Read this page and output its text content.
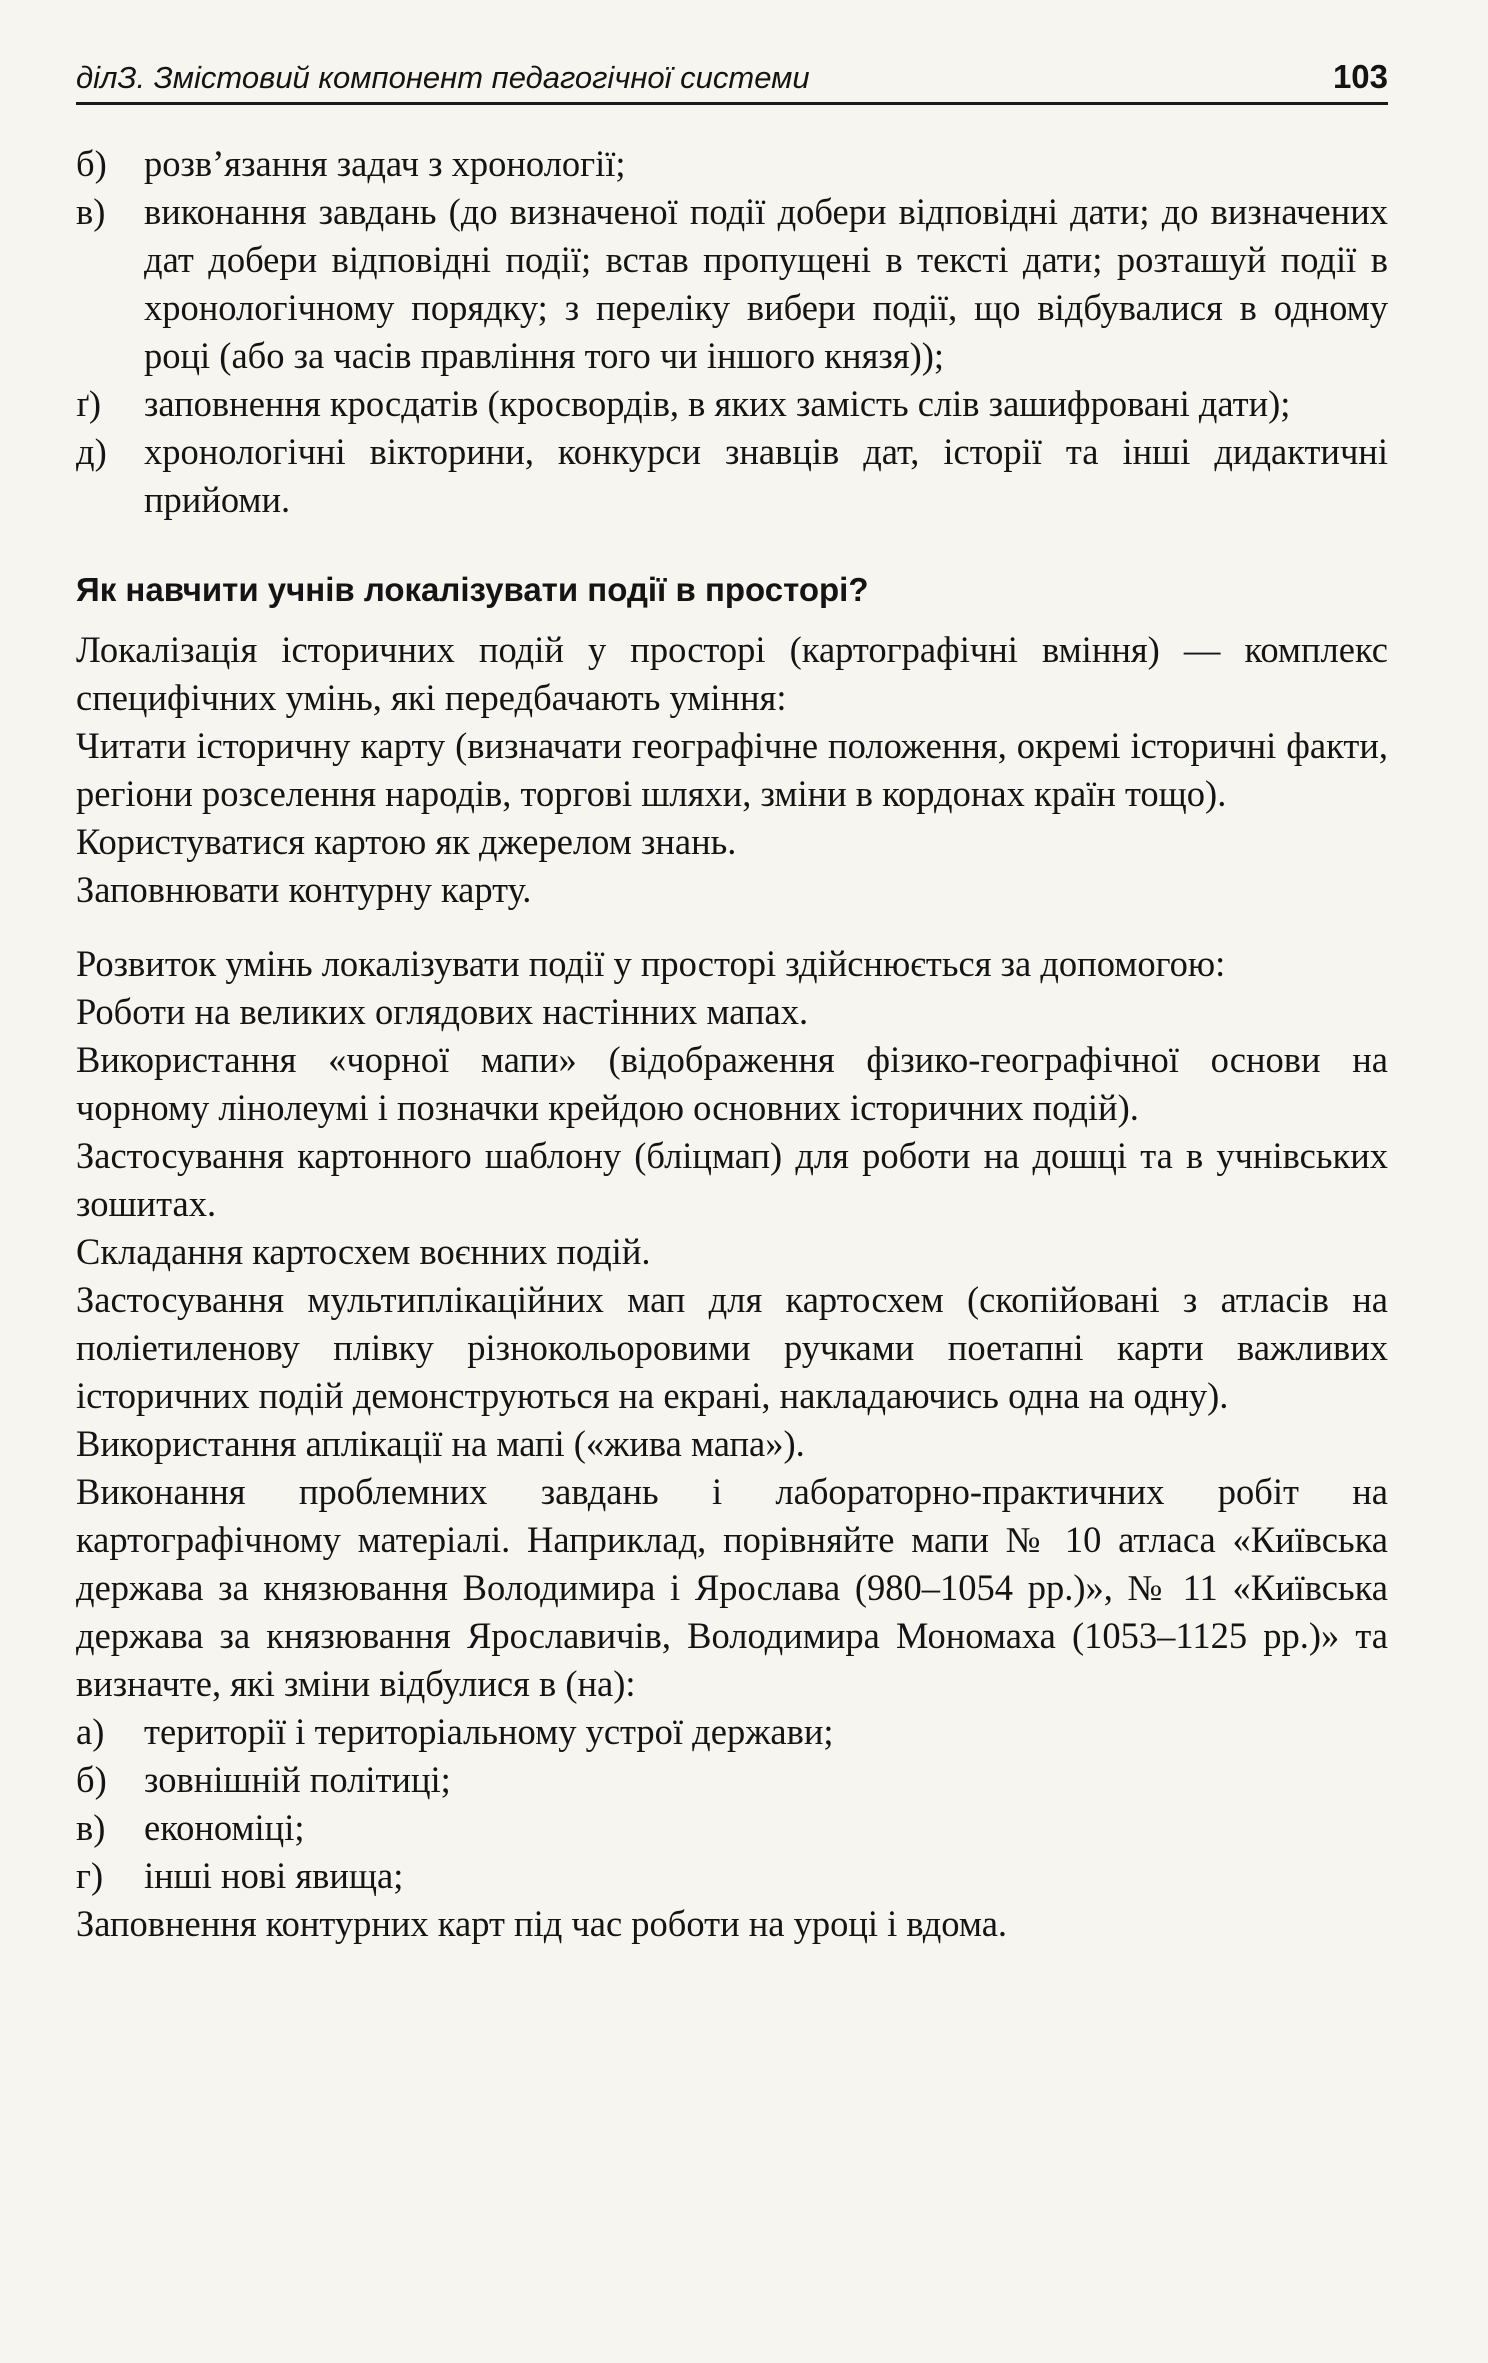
ділЗ. Змістовий компонент педагогічної системи	103
б)	розв’язання задач з хронології;
в)	виконання завдань (до визначеної події добери відповідні дати; до визначених дат добери відповідні події; встав пропущені в тексті дати; розташуй події в хронологічному порядку; з переліку вибери події, що відбувалися в одному році (або за часів правління того чи іншого князя));
ґ)	заповнення кросдатів (кросвордів, в яких замість слів зашифровані дати);
д)	хронологічні вікторини, конкурси знавців дат, історії та інші дидактичні прийоми.
Як навчити учнів локалізувати події в просторі?

Локалізація історичних подій у просторі (картографічні вміння) — комплекс специфічних умінь, які передбачають уміння:

Читати історичну карту (визначати географічне положення, окремі історичні факти, регіони розселення народів, торгові шляхи, зміни в кордонах країн тощо).

Користуватися картою як джерелом знань.

Заповнювати контурну карту.

Розвиток умінь локалізувати події у просторі здійснюється за допомогою:

Роботи на великих оглядових настінних мапах.

Використання «чорної мапи» (відображення фізико-географічної основи на чорному лінолеумі і позначки крейдою основних історичних подій).

Застосування картонного шаблону (бліцмап) для роботи на дошці та в учнівських зошитах.

Складання картосхем воєнних подій.

Застосування мультиплікаційних мап для картосхем (скопійовані з атласів на поліетиленову плівку різнокольоровими ручками поетапні карти важливих історичних подій демонструються на екрані, накладаючись одна на одну).

Використання аплікації на мапі («жива мапа»).

Виконання проблемних завдань і лабораторно-практичних робіт на картографічному матеріалі. Наприклад, порівняйте мапи № 10 атласа «Київська держава за князювання Володимира і Ярослава (980–1054 рр.)», № 11 «Київська держава за князювання Ярославичів, Володимира Мономаха (1053–1125 рр.)» та визначте, які зміни відбулися в (на):

а)	території і територіальному устрої держави;
б)	зовнішній політиці;
в)	економіці;
г)	інші нові явища;

Заповнення контурних карт під час роботи на уроці і вдома.
